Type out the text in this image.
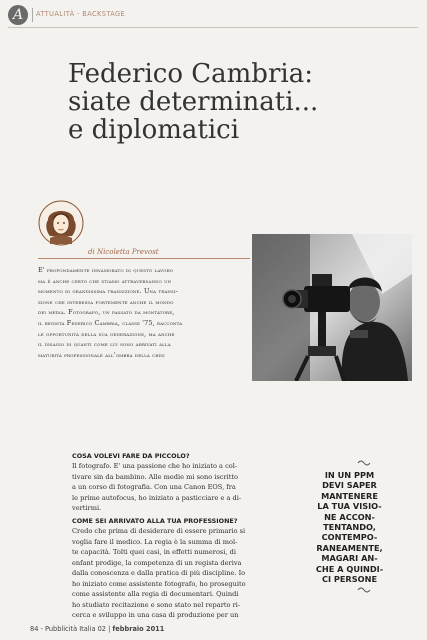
A	ATTUALITÀ - BACKSTAGE
Federico Cambria:
siate determinati...
e diplomatici
di Nicoletta Prevost
E' profondamente innamorato di questo lavoro
ma è anche certo che stiamo attraversando un
momento di grandissima transizione. Una transi-
zione che interessa fortemente anche il mondo
dei media. Fotografo, un passato da montatore,
il regista Federico Cambria, classe '75, racconta
le opportunità della sua generazione, ma anche
il disagio di quanti come lui sono arrivati alla
maturità professionale all'ombra della crisi
COSA VOLEVI FARE DA PICCOLO?
Il fotografo. E' una passione che ho iniziato a col-
tivare sin da bambino. Alle medie mi sono iscritto
a un corso di fotografia. Con una Canon EOS, fra
le prime autofocus, ho iniziato a pasticciare e a di-
vertirmi.
COME SEI ARRIVATO ALLA TUA PROFESSIONE?
Credo che prima di desiderare di essere primario si
voglia fare il medico. La regia è la summa di mol-
te capacità. Tolti quei casi, in effetti numerosi, di
enfant prodige, la competenza di un regista deriva
dalla conoscenza e dalla pratica di più discipline. Io
ho iniziato come assistente fotografo, ho proseguito
come assistente alla regia di documentari. Quindi
ho studiato recitazione e sono stato nel reparto ri-
cerca e sviluppo in una casa di produzione per un
IN UN PPM
DEVI SAPER
MANTENERE
LA TUA VISIO-
NE ACCON-
TENTANDO,
CONTEMPO-
RANEAMENTE,
MAGARI AN-
CHE A QUINDI-
CI PERSONE
84 - Pubblicità Italia 02 | febbraio 2011
